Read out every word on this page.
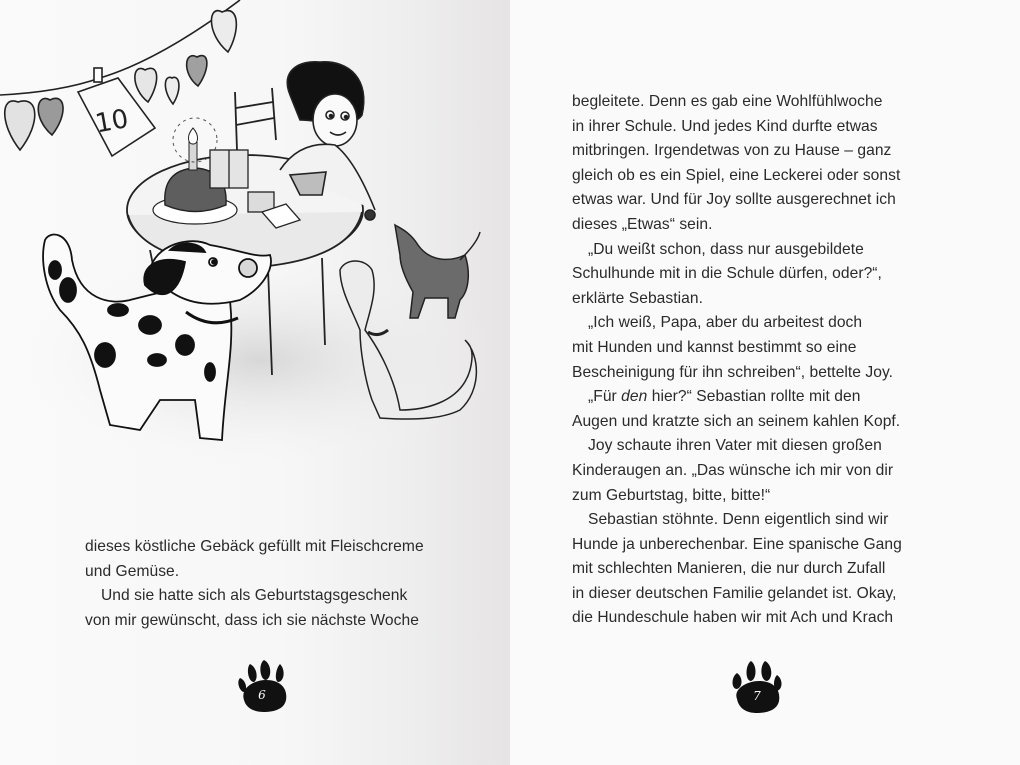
10
dieses köstliche Gebäck gefüllt mit Fleischcreme
und Gemüse.
Und sie hatte sich als Geburtstagsgeschenk
von mir gewünscht, dass ich sie nächste Woche
6
begleitete. Denn es gab eine Wohlfühlwoche
in ihrer Schule. Und jedes Kind durfte etwas
mitbringen. Irgendetwas von zu Hause – ganz
gleich ob es ein Spiel, eine Leckerei oder sonst
etwas war. Und für Joy sollte ausgerechnet ich
dieses „Etwas“ sein.
„Du weißt schon, dass nur ausgebildete
Schulhunde mit in die Schule dürfen, oder?“,
erklärte Sebastian.
„Ich weiß, Papa, aber du arbeitest doch
mit Hunden und kannst bestimmt so eine
Bescheinigung für ihn schreiben“, bettelte Joy.
„Für den hier?“ Sebastian rollte mit den
Augen und kratzte sich an seinem kahlen Kopf.
Joy schaute ihren Vater mit diesen großen
Kinderaugen an. „Das wünsche ich mir von dir
zum Geburtstag, bitte, bitte!“
Sebastian stöhnte. Denn eigentlich sind wir
Hunde ja unberechenbar. Eine spanische Gang
mit schlechten Manieren, die nur durch Zufall
in dieser deutschen Familie gelandet ist. Okay,
die Hundeschule haben wir mit Ach und Krach
7
